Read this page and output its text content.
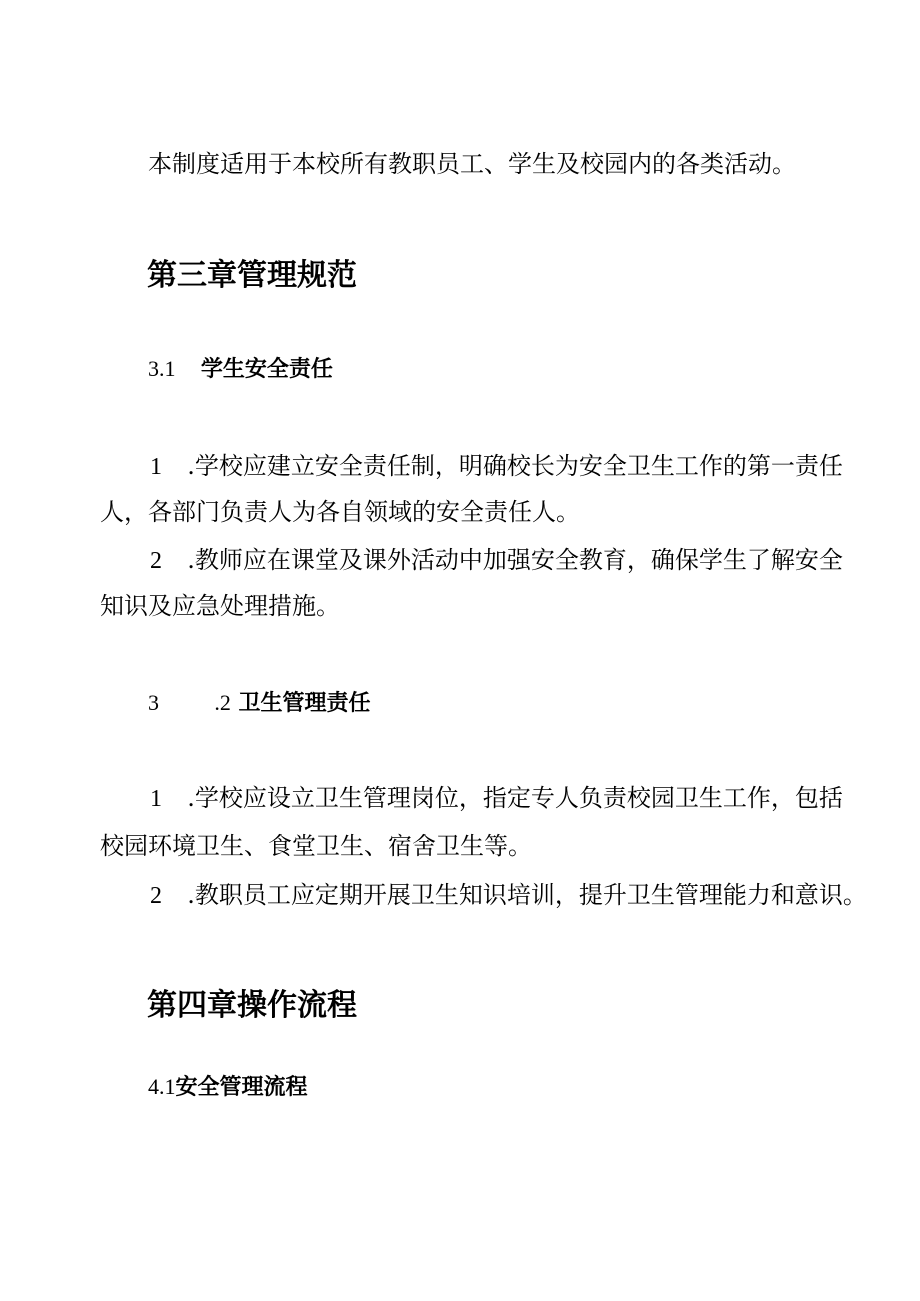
本制度适用于本校所有教职员工、学生及校园内的各类活动。

第三章管理规范
3.1 学生安全责任

1 .学校应建立安全责任制，明确校长为安全卫生工作的第一责任

人，各部门负责人为各自领域的安全责任人。

2 .教师应在课堂及课外活动中加强安全教育，确保学生了解安全

知识及应急处理措施。

3	.2 卫生管理责任

1 .学校应设立卫生管理岗位，指定专人负责校园卫生工作，包括

校园环境卫生、食堂卫生、宿舍卫生等。

2 .教职员工应定期开展卫生知识培训，提升卫生管理能力和意识。

第四章操作流程
4.1安全管理流程
